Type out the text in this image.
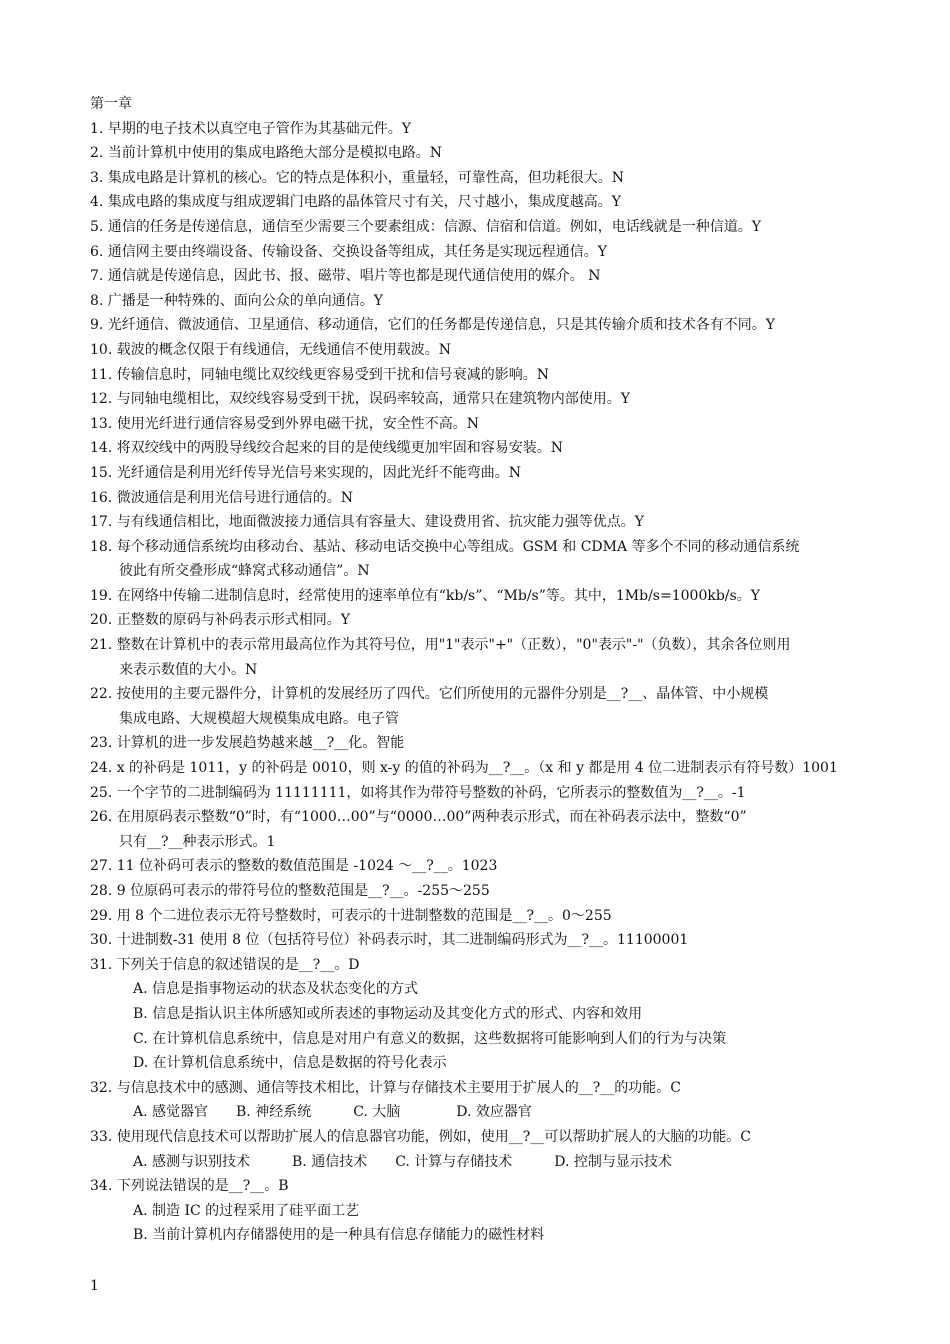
第一章
1. 早期的电子技术以真空电子管作为其基础元件。Y
2. 当前计算机中使用的集成电路绝大部分是模拟电路。N
3. 集成电路是计算机的核心。它的特点是体积小，重量轻，可靠性高，但功耗很大。N
4. 集成电路的集成度与组成逻辑门电路的晶体管尺寸有关，尺寸越小，集成度越高。Y
5. 通信的任务是传递信息，通信至少需要三个要素组成：信源、信宿和信道。例如，电话线就是一种信道。Y
6. 通信网主要由终端设备、传输设备、交换设备等组成，其任务是实现远程通信。Y
7. 通信就是传递信息，因此书、报、磁带、唱片等也都是现代通信使用的媒介。 N
8. 广播是一种特殊的、面向公众的单向通信。Y
9. 光纤通信、微波通信、卫星通信、移动通信，它们的任务都是传递信息，只是其传输介质和技术各有不同。Y
10. 载波的概念仅限于有线通信，无线通信不使用载波。N
11. 传输信息时，同轴电缆比双绞线更容易受到干扰和信号衰减的影响。N
12. 与同轴电缆相比，双绞线容易受到干扰，误码率较高，通常只在建筑物内部使用。Y
13. 使用光纤进行通信容易受到外界电磁干扰，安全性不高。N
14. 将双绞线中的两股导线绞合起来的目的是使线缆更加牢固和容易安装。N
15. 光纤通信是利用光纤传导光信号来实现的，因此光纤不能弯曲。N
16. 微波通信是利用光信号进行通信的。N
17. 与有线通信相比，地面微波接力通信具有容量大、建设费用省、抗灾能力强等优点。Y
18. 每个移动通信系统均由移动台、基站、移动电话交换中心等组成。GSM 和 CDMA 等多个不同的移动通信系统
彼此有所交叠形成“蜂窝式移动通信”。N
19. 在网络中传输二进制信息时，经常使用的速率单位有“kb/s”、“Mb/s”等。其中，1Mb/s=1000kb/s。Y
20. 正整数的原码与补码表示形式相同。Y
21. 整数在计算机中的表示常用最高位作为其符号位，用"1"表示"+"（正数），"0"表示"-"（负数），其余各位则用
来表示数值的大小。N
22. 按使用的主要元器件分，计算机的发展经历了四代。它们所使用的元器件分别是__?__、晶体管、中小规模
集成电路、大规模超大规模集成电路。电子管
23. 计算机的进一步发展趋势越来越__?__化。智能
24. x 的补码是 1011，y 的补码是 0010，则 x-y 的值的补码为__?__。（x 和 y 都是用 4 位二进制表示有符号数）1001
25. 一个字节的二进制编码为 11111111，如将其作为带符号整数的补码，它所表示的整数值为__?__。-1
26. 在用原码表示整数“0”时，有“1000…00”与“0000…00”两种表示形式，而在补码表示法中，整数“0”
只有__?__种表示形式。1
27. 11 位补码可表示的整数的数值范围是 -1024 ～__?__。1023
28. 9 位原码可表示的带符号位的整数范围是__?__。-255～255
29. 用 8 个二进位表示无符号整数时，可表示的十进制整数的范围是__?__。0～255
30. 十进制数-31 使用 8 位（包括符号位）补码表示时，其二进制编码形式为__?__。11100001
31. 下列关于信息的叙述错误的是__?__。D
A. 信息是指事物运动的状态及状态变化的方式
B. 信息是指认识主体所感知或所表述的事物运动及其变化方式的形式、内容和效用
C. 在计算机信息系统中，信息是对用户有意义的数据，这些数据将可能影响到人们的行为与决策
D. 在计算机信息系统中，信息是数据的符号化表示
32. 与信息技术中的感测、通信等技术相比，计算与存储技术主要用于扩展人的__?__的功能。C
A. 感觉器官　　B. 神经系统　　　C. 大脑　　　　D. 效应器官
33. 使用现代信息技术可以帮助扩展人的信息器官功能，例如，使用__?__可以帮助扩展人的大脑的功能。C
A. 感测与识别技术　　　B. 通信技术　　C. 计算与存储技术　　　D. 控制与显示技术
34. 下列说法错误的是__?__。B
A. 制造 IC 的过程采用了硅平面工艺
B. 当前计算机内存储器使用的是一种具有信息存储能力的磁性材料
1
